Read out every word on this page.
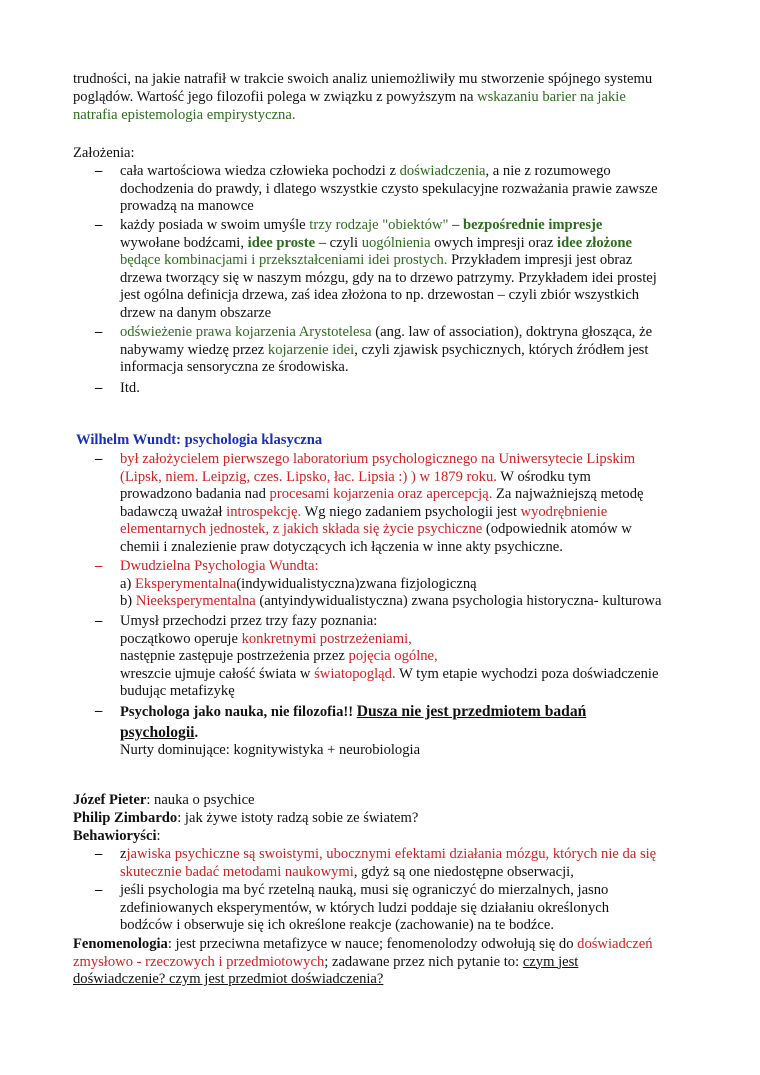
trudności, na jakie natrafił w trakcie swoich analiz uniemożliwiły mu stworzenie spójnego systemu
poglądów. Wartość jego filozofii polega w związku z powyższym na wskazaniu barier na jakie
natrafia epistemologia empirystyczna.
Założenia:
– cała wartościowa wiedza człowieka pochodzi z doświadczenia, a nie z rozumowego
dochodzenia do prawdy, i dlatego wszystkie czysto spekulacyjne rozważania prawie zawsze
prowadzą na manowce
– każdy posiada w swoim umyśle trzy rodzaje "obiektów" – bezpośrednie impresje
wywołane bodźcami, idee proste – czyli uogólnienia owych impresji oraz idee złożone
będące kombinacjami i przekształceniami idei prostych. Przykładem impresji jest obraz
drzewa tworzący się w naszym mózgu, gdy na to drzewo patrzymy. Przykładem idei prostej
jest ogólna definicja drzewa, zaś idea złożona to np. drzewostan – czyli zbiór wszystkich
drzew na danym obszarze
– odświeżenie prawa kojarzenia Arystotelesa (ang. law of association), doktryna głosząca, że
nabywamy wiedzę przez kojarzenie idei, czyli zjawisk psychicznych, których źródłem jest
informacja sensoryczna ze środowiska.
– Itd.
Wilhelm Wundt: psychologia klasyczna
– był założycielem pierwszego laboratorium psychologicznego na Uniwersytecie Lipskim
(Lipsk, niem. Leipzig, czes. Lipsko, łac. Lipsia :) ) w 1879 roku. W ośrodku tym
prowadzono badania nad procesami kojarzenia oraz apercepcją. Za najważniejszą metodę
badawczą uważał introspekcję. Wg niego zadaniem psychologii jest wyodrębnienie
elementarnych jednostek, z jakich składa się życie psychiczne (odpowiednik atomów w
chemii i znalezienie praw dotyczących ich łączenia w inne akty psychiczne.
– Dwudzielna Psychologia Wundta:
a) Eksperymentalna(indywidualistyczna)zwana fizjologiczną
b) Nieeksperymentalna (antyindywidualistyczna) zwana psychologia historyczna- kulturowa
– Umysł przechodzi przez trzy fazy poznania:
początkowo operuje konkretnymi postrzeżeniami,
następnie zastępuje postrzeżenia przez pojęcia ogólne,
wreszcie ujmuje całość świata w światopogląd. W tym etapie wychodzi poza doświadczenie
budując metafizykę
– Psychologa jako nauka, nie filozofia!! Dusza nie jest przedmiotem badań
psychologii.
Nurty dominujące: kognitywistyka + neurobiologia
Józef Pieter: nauka o psychice
Philip Zimbardo: jak żywe istoty radzą sobie ze światem?
Behawioryści:
– zjawiska psychiczne są swoistymi, ubocznymi efektami działania mózgu, których nie da się
skutecznie badać metodami naukowymi, gdyż są one niedostępne obserwacji,
– jeśli psychologia ma być rzetelną nauką, musi się ograniczyć do mierzalnych, jasno
zdefiniowanych eksperymentów, w których ludzi poddaje się działaniu określonych
bodźców i obserwuje się ich określone reakcje (zachowanie) na te bodźce.
Fenomenologia: jest przeciwna metafizyce w nauce; fenomenolodzy odwołują się do doświadczeń
zmysłowo - rzeczowych i przedmiotowych; zadawane przez nich pytanie to: czym jest
doświadczenie? czym jest przedmiot doświadczenia?
